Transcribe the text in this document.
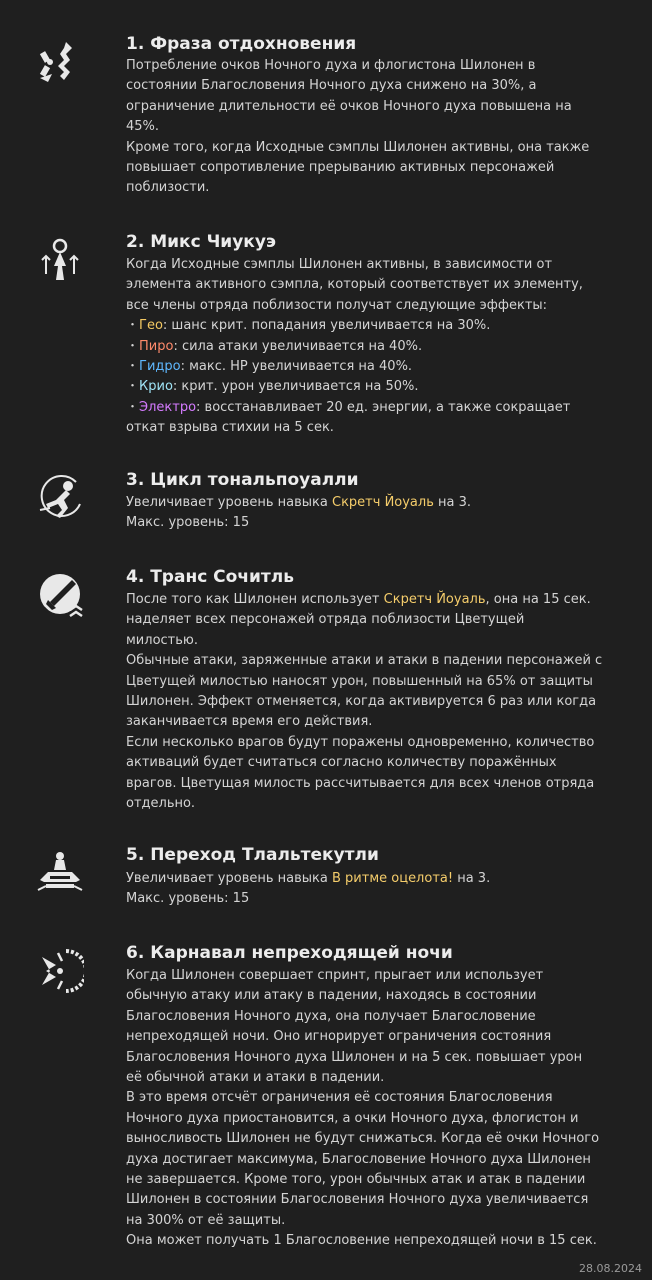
1. Фраза отдохновения
Потребление очков Ночного духа и флогистона Шилонен в
состоянии Благословения Ночного духа снижено на 30%, а
ограничение длительности её очков Ночного духа повышена на
45%.
Кроме того, когда Исходные сэмплы Шилонен активны, она также
повышает сопротивление прерыванию активных персонажей
поблизости.
2. Микс Чиукуэ
Когда Исходные сэмплы Шилонен активны, в зависимости от
элемента активного сэмпла, который соответствует их элементу,
все члены отряда поблизости получат следующие эффекты:
・Гео: шанс крит. попадания увеличивается на 30%.
・Пиро: сила атаки увеличивается на 40%.
・Гидро: макс. HP увеличивается на 40%.
・Крио: крит. урон увеличивается на 50%.
・Электро: восстанавливает 20 ед. энергии, а также сокращает
откат взрыва стихии на 5 сек.
3. Цикл тональпоуалли
Увеличивает уровень навыка Скретч Йоуаль на 3.
Макс. уровень: 15
4. Транс Сочитль
После того как Шилонен использует Скретч Йоуаль, она на 15 сек.
наделяет всех персонажей отряда поблизости Цветущей
милостью.
Обычные атаки, заряженные атаки и атаки в падении персонажей с
Цветущей милостью наносят урон, повышенный на 65% от защиты
Шилонен. Эффект отменяется, когда активируется 6 раз или когда
заканчивается время его действия.
Если несколько врагов будут поражены одновременно, количество
активаций будет считаться согласно количеству поражённых
врагов. Цветущая милость рассчитывается для всех членов отряда
отдельно.
5. Переход Тлальтекутли
Увеличивает уровень навыка В ритме оцелота! на 3.
Макс. уровень: 15
6. Карнавал непреходящей ночи
Когда Шилонен совершает спринт, прыгает или использует
обычную атаку или атаку в падении, находясь в состоянии
Благословения Ночного духа, она получает Благословение
непреходящей ночи. Оно игнорирует ограничения состояния
Благословения Ночного духа Шилонен и на 5 сек. повышает урон
её обычной атаки и атаки в падении.
В это время отсчёт ограничения её состояния Благословения
Ночного духа приостановится, а очки Ночного духа, флогистон и
выносливость Шилонен не будут снижаться. Когда её очки Ночного
духа достигает максимума, Благословение Ночного духа Шилонен
не завершается. Кроме того, урон обычных атак и атак в падении
Шилонен в состоянии Благословения Ночного духа увеличивается
на 300% от её защиты.
Она может получать 1 Благословение непреходящей ночи в 15 сек.
28.08.2024
